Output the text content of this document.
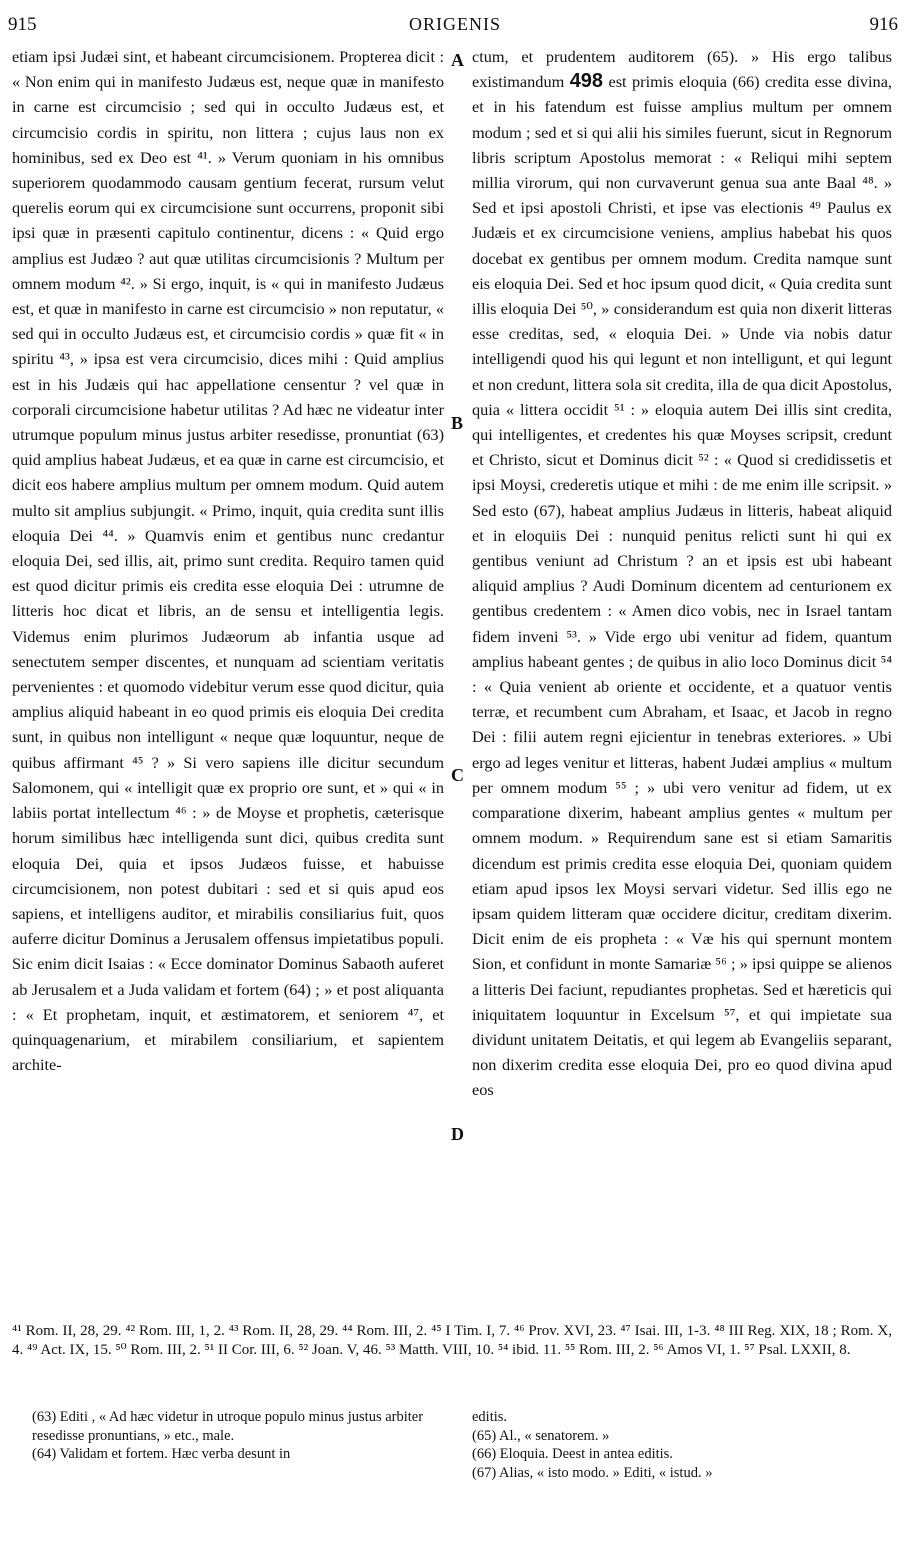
915	ORIGENIS	916

etiam ipsi Judæi sint, et habeant circumcisionem. Propterea dicit : « Non enim qui in manifesto Judæus est, neque quæ in manifesto in carne est circumcisio ; sed qui in occulto Judæus est, et circumcisio cordis in spiritu, non littera ; cujus laus non ex hominibus, sed ex Deo est ⁴¹. » Verum quoniam in his omnibus superiorem quodammodo causam gentium fecerat, rursum velut querelis eorum qui ex circumcisione sunt occurrens, proponit sibi ipsi quæ in præsenti capitulo continentur, dicens : « Quid ergo amplius est Judæo ? aut quæ utilitas circumcisionis ? Multum per omnem modum ⁴². » Si ergo, inquit, is « qui in manifesto Judæus est, et quæ in manifesto in carne est circumcisio » non reputatur, « sed qui in occulto Judæus est, et circumcisio cordis » quæ fit « in spiritu ⁴³, » ipsa est vera circumcisio, dices mihi : Quid amplius est in his Judæis qui hac appellatione censentur ? vel quæ in corporali circumcisione habetur utilitas ? Ad hæc ne videatur inter utrumque populum minus justus arbiter resedisse, pronuntiat (63) quid amplius habeat Judæus, et ea quæ in carne est circumcisio, et dicit eos habere amplius multum per omnem modum. Quid autem multo sit amplius subjungit. « Primo, inquit, quia credita sunt illis eloquia Dei ⁴⁴. » Quamvis enim et gentibus nunc credantur eloquia Dei, sed illis, ait, primo sunt credita. Requiro tamen quid est quod dicitur primis eis credita esse eloquia Dei : utrumne de litteris hoc dicat et libris, an de sensu et intelligentia legis. Videmus enim plurimos Judæorum ab infantia usque ad senectutem semper discentes, et nunquam ad scientiam veritatis pervenientes : et quomodo videbitur verum esse quod dicitur, quia amplius aliquid habeant in eo quod primis eis eloquia Dei credita sunt, in quibus non intelligunt « neque quæ loquuntur, neque de quibus affirmant ⁴⁵ ? » Si vero sapiens ille dicitur secundum Salomonem, qui « intelligit quæ ex proprio ore sunt, et » qui « in labiis portat intellectum ⁴⁶ : » de Moyse et prophetis, cæterisque horum similibus hæc intelligenda sunt dici, quibus credita sunt eloquia Dei, quia et ipsos Judæos fuisse, et habuisse circumcisionem, non potest dubitari : sed et si quis apud eos sapiens, et intelligens auditor, et mirabilis consiliarius fuit, quos auferre dicitur Dominus a Jerusalem offensus impietatibus populi. Sic enim dicit Isaias : « Ecce dominator Dominus Sabaoth auferet ab Jerusalem et a Juda validam et fortem (64) ; » et post aliquanta : « Et prophetam, inquit, et æstimatorem, et seniorem ⁴⁷, et quinquagenarium, et mirabilem consiliarium, et sapientem archite-

ctum, et prudentem auditorem (65). » His ergo talibus existimandum 498 est primis eloquia (66) credita esse divina, et in his fatendum est fuisse amplius multum per omnem modum ; sed et si qui alii his similes fuerunt, sicut in Regnorum libris scriptum Apostolus memorat : « Reliqui mihi septem millia virorum, qui non curvaverunt genua sua ante Baal ⁴⁸. » Sed et ipsi apostoli Christi, et ipse vas electionis ⁴⁹ Paulus ex Judæis et ex circumcisione veniens, amplius habebat his quos docebat ex gentibus per omnem modum. Credita namque sunt eis eloquia Dei. Sed et hoc ipsum quod dicit, « Quia credita sunt illis eloquia Dei ⁵⁰, » considerandum est quia non dixerit litteras esse creditas, sed, « eloquia Dei. » Unde via nobis datur intelligendi quod his qui legunt et non intelligunt, et qui legunt et non credunt, littera sola sit credita, illa de qua dicit Apostolus, quia « littera occidit ⁵¹ : » eloquia autem Dei illis sint credita, qui intelligentes, et credentes his quæ Moyses scripsit, credunt et Christo, sicut et Dominus dicit ⁵² : « Quod si credidissetis et ipsi Moysi, crederetis utique et mihi : de me enim ille scripsit. » Sed esto (67), habeat amplius Judæus in litteris, habeat aliquid et in eloquiis Dei : nunquid penitus relicti sunt hi qui ex gentibus veniunt ad Christum ? an et ipsis est ubi habeant aliquid amplius ? Audi Dominum dicentem ad centurionem ex gentibus credentem : « Amen dico vobis, nec in Israel tantam fidem inveni ⁵³. » Vide ergo ubi venitur ad fidem, quantum amplius habeant gentes ; de quibus in alio loco Dominus dicit ⁵⁴ : « Quia venient ab oriente et occidente, et a quatuor ventis terræ, et recumbent cum Abraham, et Isaac, et Jacob in regno Dei : filii autem regni ejicientur in tenebras exteriores. » Ubi ergo ad leges venitur et litteras, habent Judæi amplius « multum per omnem modum ⁵⁵ ; » ubi vero venitur ad fidem, ut ex comparatione dixerim, habeant amplius gentes « multum per omnem modum. » Requirendum sane est si etiam Samaritis dicendum est primis credita esse eloquia Dei, quoniam quidem etiam apud ipsos lex Moysi servari videtur. Sed illis ego ne ipsam quidem litteram quæ occidere dicitur, creditam dixerim. Dicit enim de eis propheta : « Væ his qui spernunt montem Sion, et confidunt in monte Samariæ ⁵⁶ ; » ipsi quippe se alienos a litteris Dei faciunt, repudiantes prophetas. Sed et hæreticis qui iniquitatem loquuntur in Excelsum ⁵⁷, et qui impietate sua dividunt unitatem Deitatis, et qui legem ab Evangeliis separant, non dixerim credita esse eloquia Dei, pro eo quod divina apud eos

A
B
C
D

⁴¹ Rom. II, 28, 29. ⁴² Rom. III, 1, 2. ⁴³ Rom. II, 28, 29. ⁴⁴ Rom. III, 2. ⁴⁵ I Tim. I, 7. ⁴⁶ Prov. XVI, 23. ⁴⁷ Isai. III, 1-3. ⁴⁸ III Reg. XIX, 18 ; Rom. X, 4. ⁴⁹ Act. IX, 15. ⁵⁰ Rom. III, 2. ⁵¹ II Cor. III, 6. ⁵² Joan. V, 46. ⁵³ Matth. VIII, 10. ⁵⁴ ibid. 11. ⁵⁵ Rom. III, 2. ⁵⁶ Amos VI, 1. ⁵⁷ Psal. LXXII, 8.

(63) Editi , « Ad hæc videtur in utroque populo minus justus arbiter resedisse pronuntians, » etc., male.

(64) Validam et fortem. Hæc verba desunt in

editis.

(65) Al., « senatorem. »

(66) Eloquia. Deest in antea editis.

(67) Alias, « isto modo. » Editi, « istud. »
